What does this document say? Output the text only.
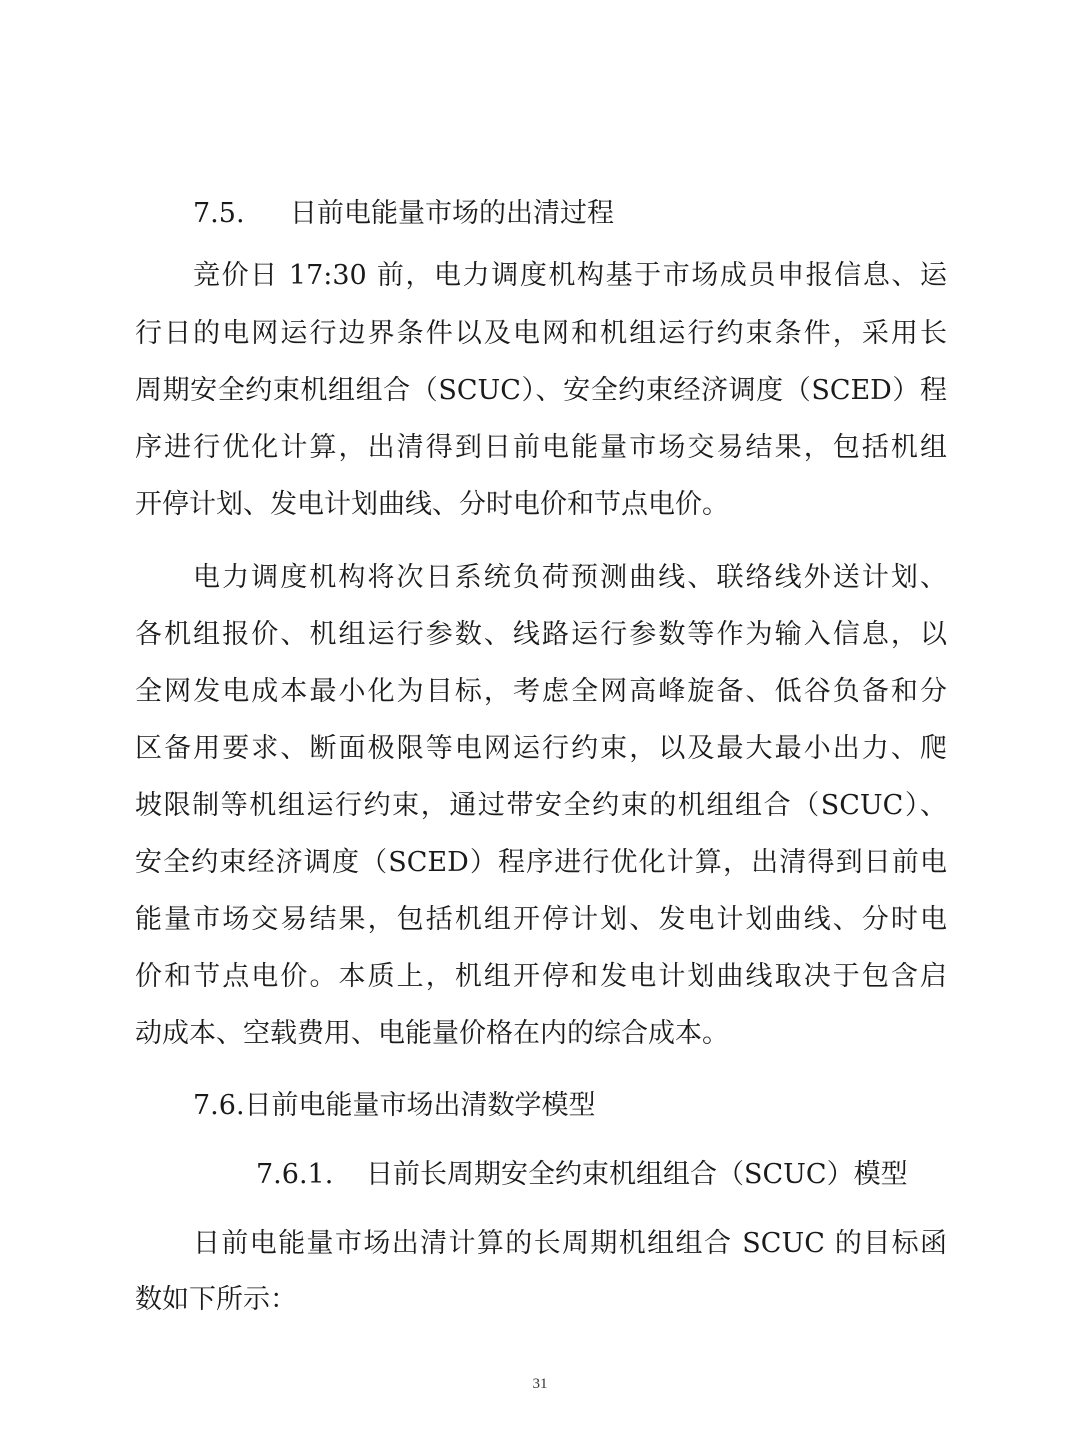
7.5. 日前电能量市场的出清过程

竞价日 17:30 前，电力调度机构基于市场成员申报信息、运

行日的电网运行边界条件以及电网和机组运行约束条件，采用长

周期安全约束机组组合（SCUC）、安全约束经济调度（SCED）程

序进行优化计算，出清得到日前电能量市场交易结果，包括机组

开停计划、发电计划曲线、分时电价和节点电价。

电力调度机构将次日系统负荷预测曲线、联络线外送计划、

各机组报价、机组运行参数、线路运行参数等作为输入信息，以

全网发电成本最小化为目标，考虑全网高峰旋备、低谷负备和分

区备用要求、断面极限等电网运行约束，以及最大最小出力、爬

坡限制等机组运行约束，通过带安全约束的机组组合（SCUC）、

安全约束经济调度（SCED）程序进行优化计算，出清得到日前电

能量市场交易结果，包括机组开停计划、发电计划曲线、分时电

价和节点电价。本质上，机组开停和发电计划曲线取决于包含启

动成本、空载费用、电能量价格在内的综合成本。

7.6.日前电能量市场出清数学模型
7.6.1. 日前长周期安全约束机组组合（SCUC）模型

日前电能量市场出清计算的长周期机组组合 SCUC 的目标函

数如下所示：

31
